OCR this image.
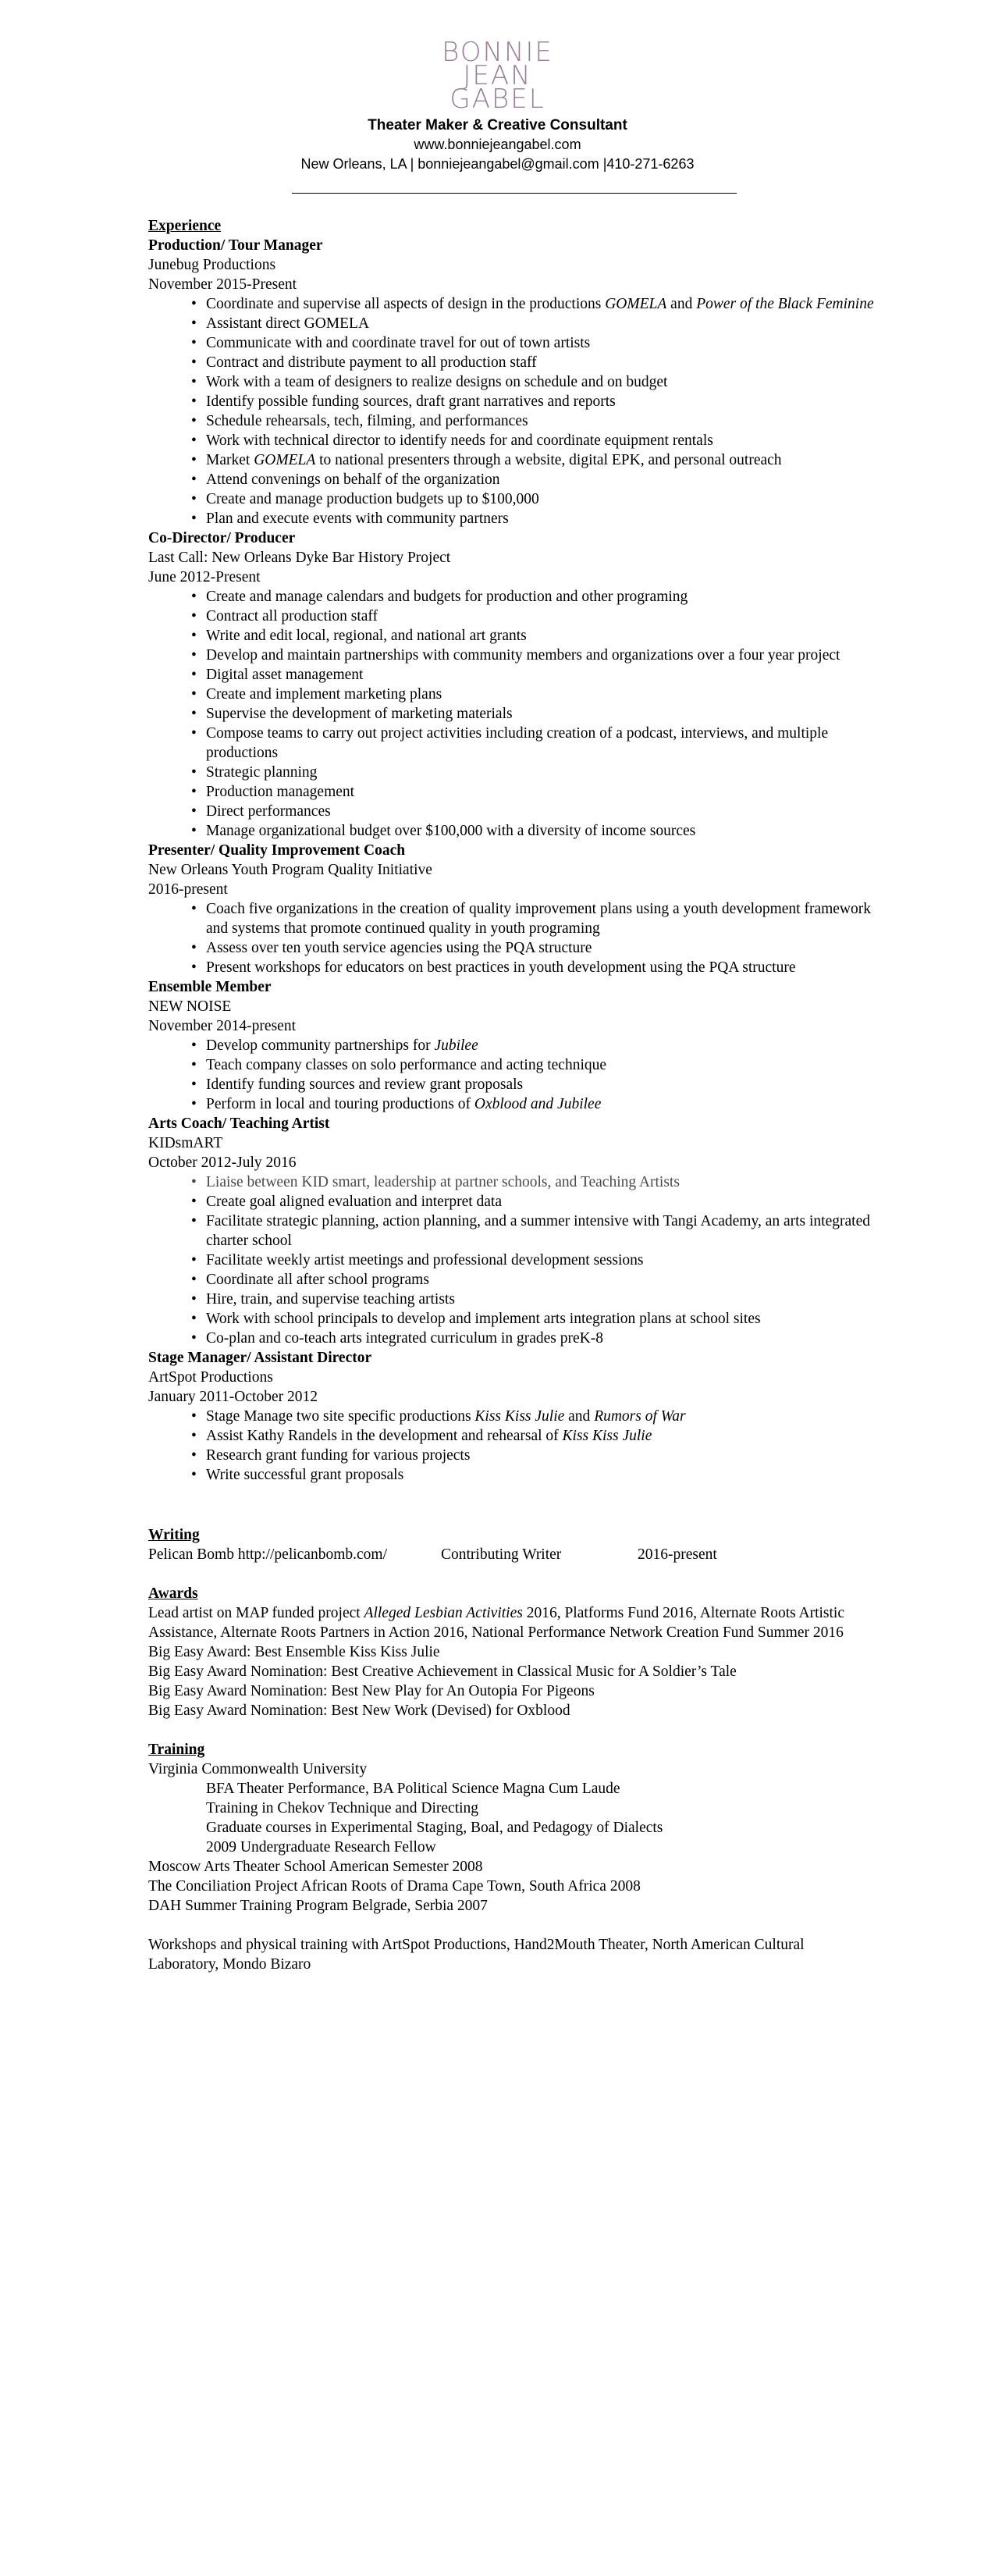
BONNIE
JEAN
GABEL
Theater Maker & Creative Consultant
www.bonniejeangabel.com
New Orleans, LA | bonniejeangabel@gmail.com |410-271-6263

Experience

Production/ Tour Manager

Junebug Productions

November 2015-Present

• Coordinate and supervise all aspects of design in the productions GOMELA and Power of the Black Feminine
• Assistant direct GOMELA
• Communicate with and coordinate travel for out of town artists
• Contract and distribute payment to all production staff
• Work with a team of designers to realize designs on schedule and on budget
• Identify possible funding sources, draft grant narratives and reports
• Schedule rehearsals, tech, filming, and performances
• Work with technical director to identify needs for and coordinate equipment rentals
• Market GOMELA to national presenters through a website, digital EPK, and personal outreach
• Attend convenings on behalf of the organization
• Create and manage production budgets up to $100,000
• Plan and execute events with community partners

Co-Director/ Producer

Last Call: New Orleans Dyke Bar History Project

June 2012-Present

• Create and manage calendars and budgets for production and other programing
• Contract all production staff
• Write and edit local, regional, and national art grants
• Develop and maintain partnerships with community members and organizations over a four year project
• Digital asset management
• Create and implement marketing plans
• Supervise the development of marketing materials
• Compose teams to carry out project activities including creation of a podcast, interviews, and multiple productions
• Strategic planning
• Production management
• Direct performances
• Manage organizational budget over $100,000 with a diversity of income sources

Presenter/ Quality Improvement Coach

New Orleans Youth Program Quality Initiative

2016-present

• Coach five organizations in the creation of quality improvement plans using a youth development framework and systems that promote continued quality in youth programing
• Assess over ten youth service agencies using the PQA structure
• Present workshops for educators on best practices in youth development using the PQA structure

Ensemble Member

NEW NOISE

November 2014-present

• Develop community partnerships for Jubilee
• Teach company classes on solo performance and acting technique
• Identify funding sources and review grant proposals
• Perform in local and touring productions of Oxblood and Jubilee

Arts Coach/ Teaching Artist

KIDsmART

October 2012-July 2016

• Liaise between KID smart, leadership at partner schools, and Teaching Artists
• Create goal aligned evaluation and interpret data
• Facilitate strategic planning, action planning, and a summer intensive with Tangi Academy, an arts integrated charter school
• Facilitate weekly artist meetings and professional development sessions
• Coordinate all after school programs
• Hire, train, and supervise teaching artists
• Work with school principals to develop and implement arts integration plans at school sites
• Co-plan and co-teach arts integrated curriculum in grades preK-8

Stage Manager/ Assistant Director

ArtSpot Productions

January 2011-October 2012

• Stage Manage two site specific productions Kiss Kiss Julie and Rumors of War
• Assist Kathy Randels in the development and rehearsal of Kiss Kiss Julie
• Research grant funding for various projects
• Write successful grant proposals

Writing

Pelican Bomb http://pelicanbomb.com/	Contributing Writer	2016-present

Awards

Lead artist on MAP funded project Alleged Lesbian Activities 2016, Platforms Fund 2016, Alternate Roots Artistic Assistance, Alternate Roots Partners in Action 2016, National Performance Network Creation Fund Summer 2016

Big Easy Award: Best Ensemble Kiss Kiss Julie

Big Easy Award Nomination: Best Creative Achievement in Classical Music for A Soldier’s Tale

Big Easy Award Nomination: Best New Play for An Outopia For Pigeons

Big Easy Award Nomination: Best New Work (Devised) for Oxblood

Training

Virginia Commonwealth University

BFA Theater Performance, BA Political Science Magna Cum Laude

Training in Chekov Technique and Directing

Graduate courses in Experimental Staging, Boal, and Pedagogy of Dialects

2009 Undergraduate Research Fellow

Moscow Arts Theater School American Semester 2008

The Conciliation Project African Roots of Drama Cape Town, South Africa 2008

DAH Summer Training Program Belgrade, Serbia 2007

Workshops and physical training with ArtSpot Productions, Hand2Mouth Theater, North American Cultural Laboratory, Mondo Bizaro
